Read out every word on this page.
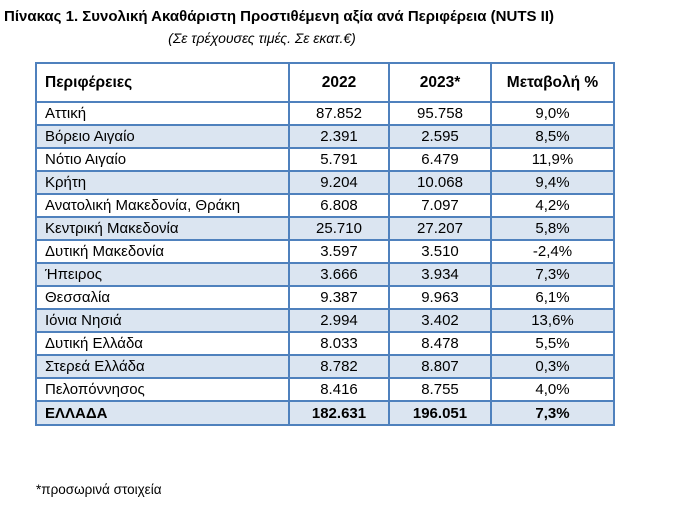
Πίνακας 1. Συνολική Ακαθάριστη Προστιθέμενη αξία ανά Περιφέρεια (NUTS II)
(Σε τρέχουσες τιμές. Σε εκατ.€)
Περιφέρειες	2022	2023*	Μεταβολή %
Αττική	87.852	95.758	9,0%
Βόρειο Αιγαίο	2.391	2.595	8,5%
Νότιο Αιγαίο	5.791	6.479	11,9%
Κρήτη	9.204	10.068	9,4%
Ανατολική Μακεδονία, Θράκη	6.808	7.097	4,2%
Κεντρική Μακεδονία	25.710	27.207	5,8%
Δυτική Μακεδονία	3.597	3.510	-2,4%
Ήπειρος	3.666	3.934	7,3%
Θεσσαλία	9.387	9.963	6,1%
Ιόνια Νησιά	2.994	3.402	13,6%
Δυτική Ελλάδα	8.033	8.478	5,5%
Στερεά Ελλάδα	8.782	8.807	0,3%
Πελοπόννησος	8.416	8.755	4,0%
ΕΛΛΑΔΑ	182.631	196.051	7,3%
*προσωρινά στοιχεία
